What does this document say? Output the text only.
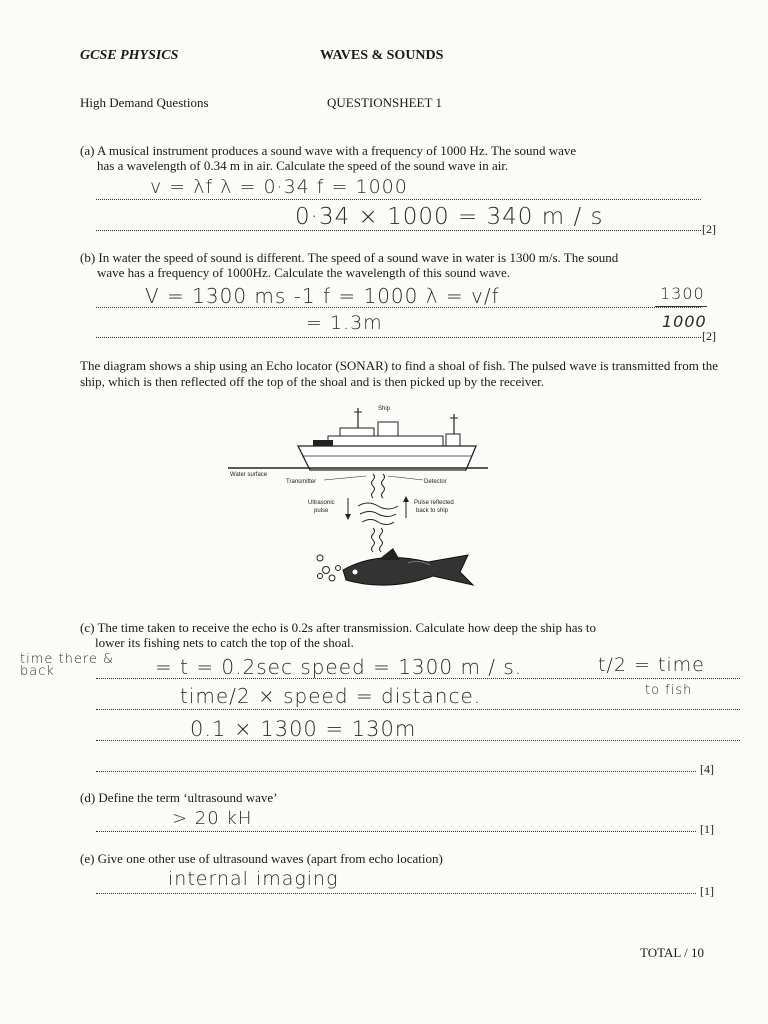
GCSE PHYSICS	WAVES & SOUNDS
High Demand Questions	QUESTIONSHEET 1
(a) A musical instrument produces a sound wave with a frequency of 1000 Hz. The sound wave
has a wavelength of 0.34 m in air. Calculate the speed of the sound wave in air.
v = λf λ = 0·34 f = 1000
0·34 × 1000 = 340 m / s	[2]
(b) In water the speed of sound is different. The speed of a sound wave in water is 1300 m/s. The sound
wave has a frequency of 1000Hz. Calculate the wavelength of this sound wave.
V = 1300 ms -1 f = 1000 λ = v/f	1300
1000
= 1.3m
[2]
The diagram shows a ship using an Echo locator (SONAR) to find a shoal of fish. The pulsed wave is transmitted from the ship, which is then reflected off the top of the shoal and is then picked up by the receiver.
Ship
Water surface
Transmitter	Detector
Ultrasonic
pulse
Pulse reflected
back to ship
(c) The time taken to receive the echo is 0.2s after transmission. Calculate how deep the ship has to
lower its fishing nets to catch the top of the shoal.
time there & back	= t = 0.2sec speed = 1300 m / s.	t/2 = time
to fish
time/2 × speed = distance.
0.1 × 1300 = 130m
[4]
(d) Define the term ‘ultrasound wave’
> 20 kH	[1]
(e) Give one other use of ultrasound waves (apart from echo location)
internal imaging
[1]
TOTAL / 10
